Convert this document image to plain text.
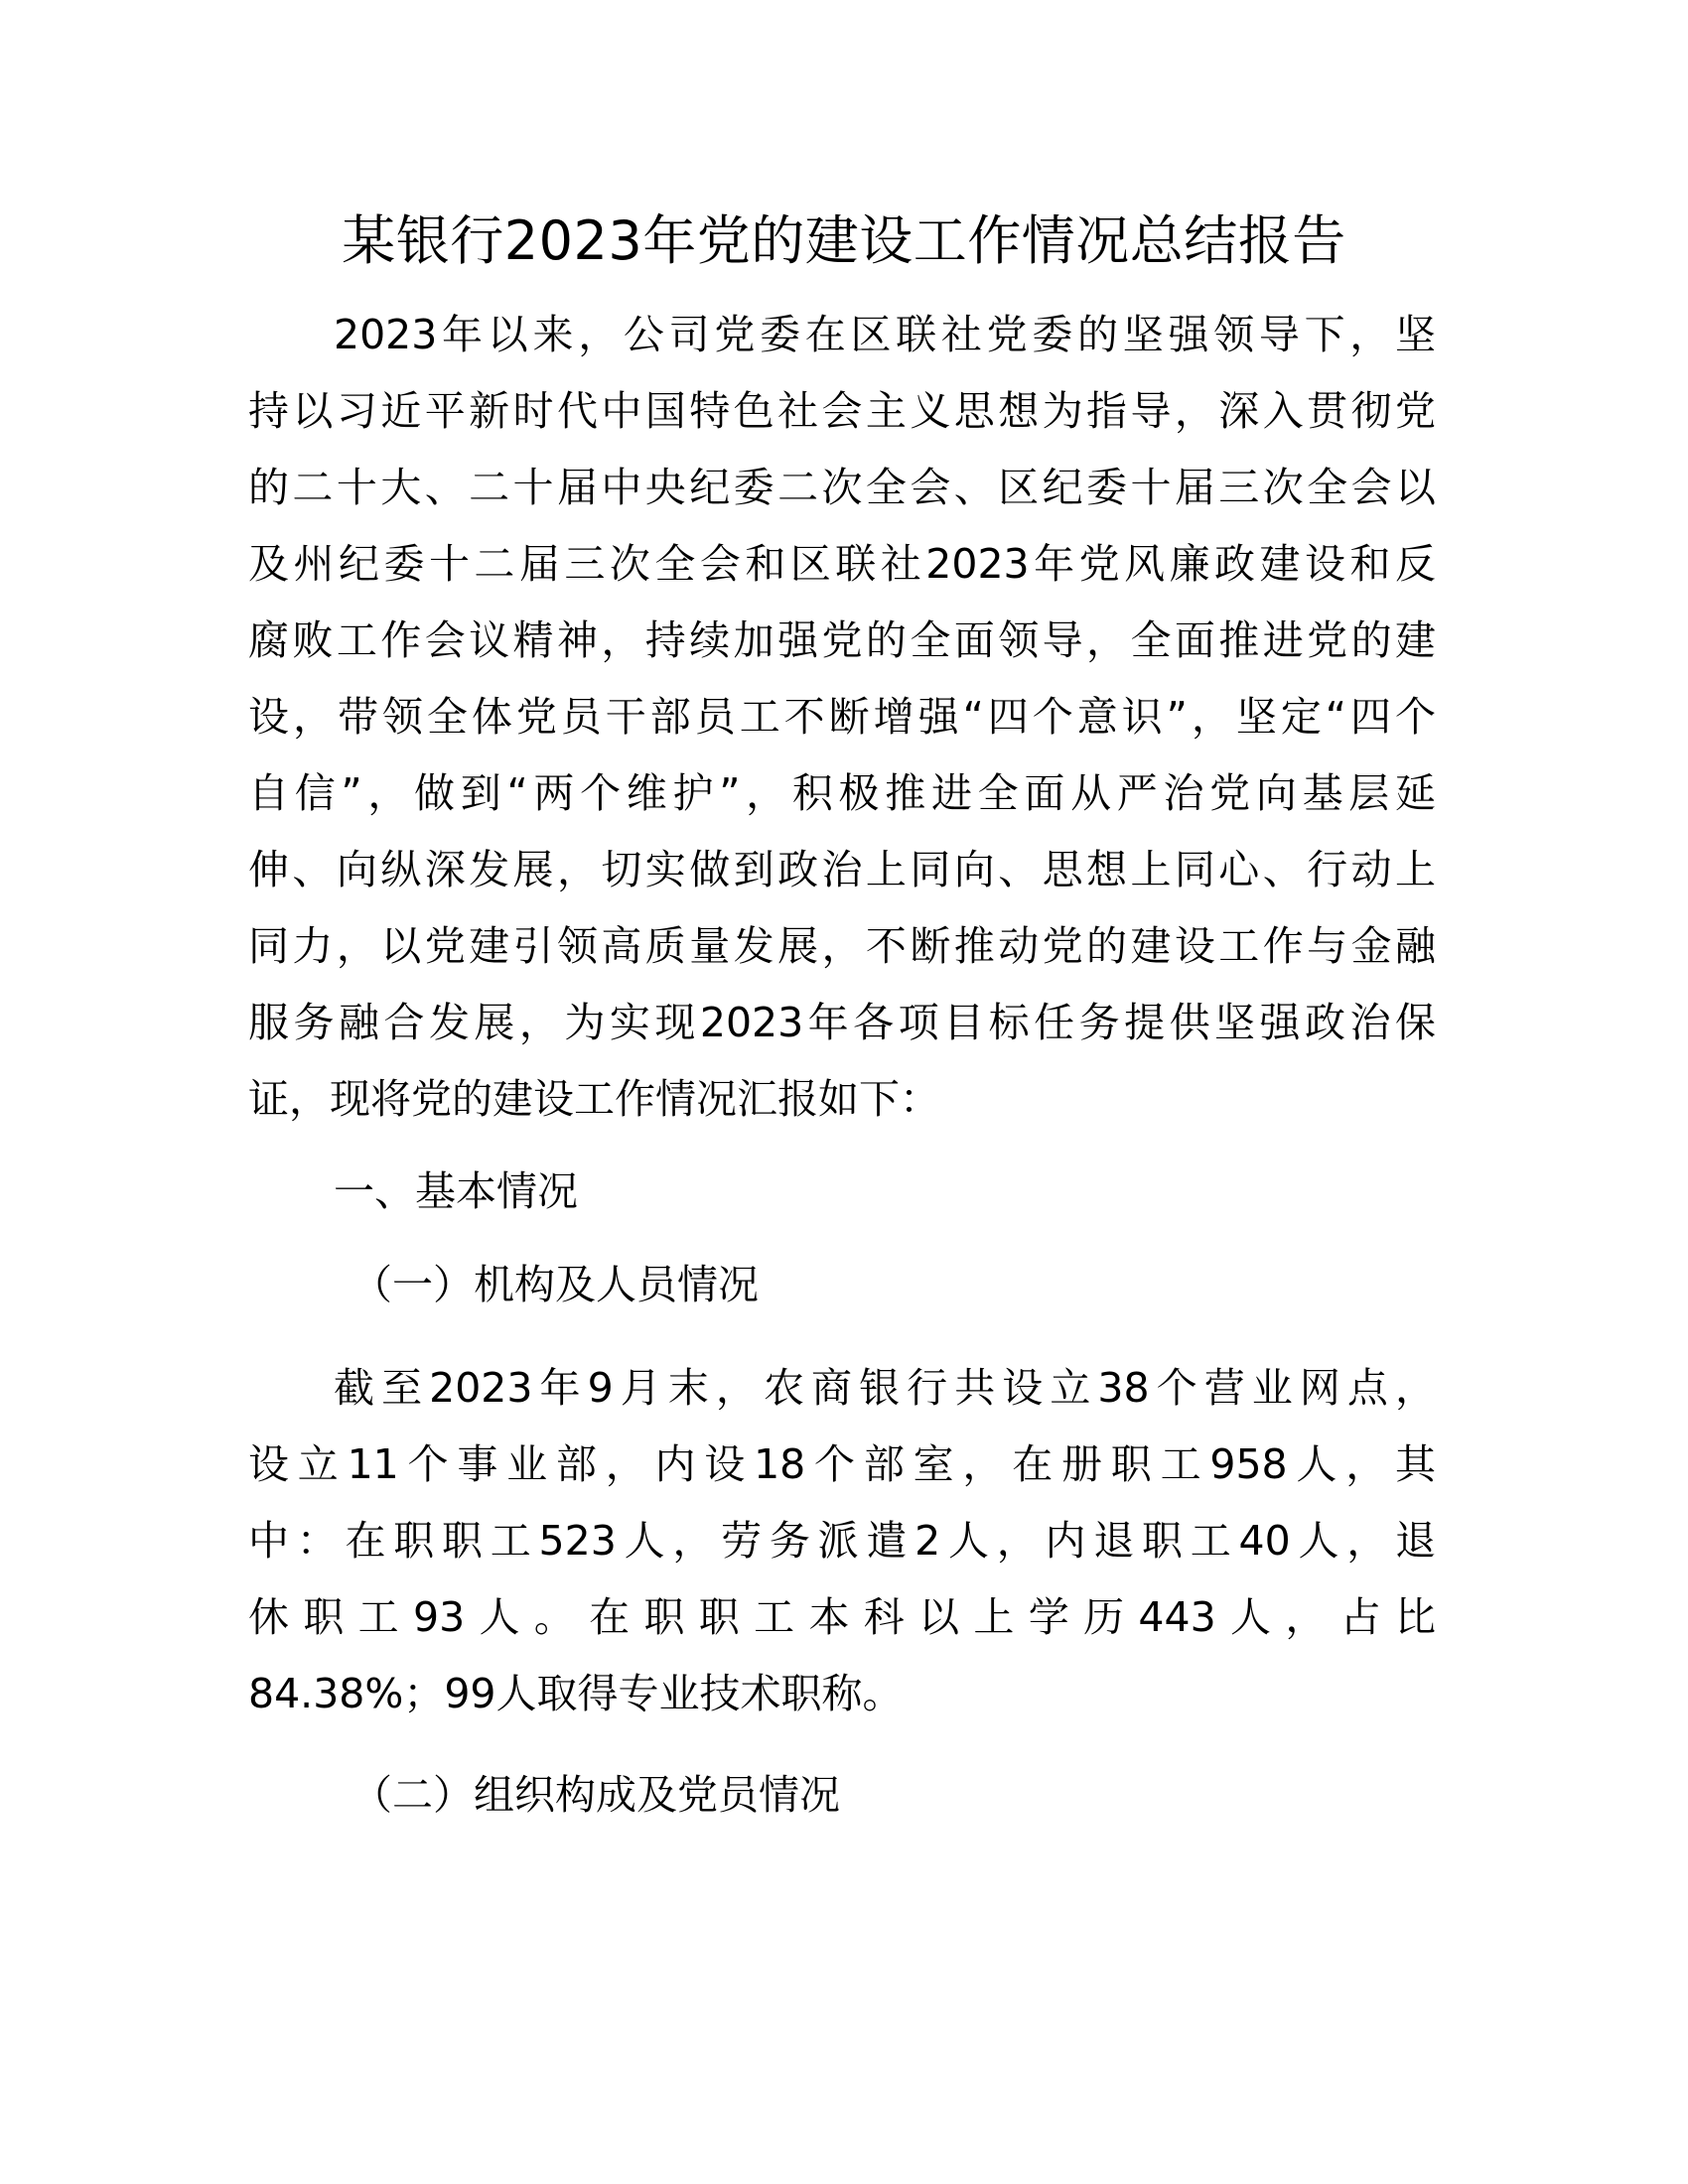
某银行2023年党的建设工作情况总结报告
2023年以来，公司党委在区联社党委的坚强领导下，坚
持以习近平新时代中国特色社会主义思想为指导，深入贯彻党
的二十大、二十届中央纪委二次全会、区纪委十届三次全会以
及州纪委十二届三次全会和区联社2023年党风廉政建设和反
腐败工作会议精神，持续加强党的全面领导，全面推进党的建
设，带领全体党员干部员工不断增强“四个意识”，坚定“四个
自信”，做到“两个维护”，积极推进全面从严治党向基层延
伸、向纵深发展，切实做到政治上同向、思想上同心、行动上
同力，以党建引领高质量发展，不断推动党的建设工作与金融
服务融合发展，为实现2023年各项目标任务提供坚强政治保
证，现将党的建设工作情况汇报如下：
一、基本情况
（一）机构及人员情况
截至2023年9月末，农商银行共设立38个营业网点，
设立11个事业部，内设18个部室，在册职工958人，其
中：在职职工523人，劳务派遣2人，内退职工40人，退
休职工93人。在职职工本科以上学历443人，占比
84.38%；99人取得专业技术职称。
（二）组织构成及党员情况
